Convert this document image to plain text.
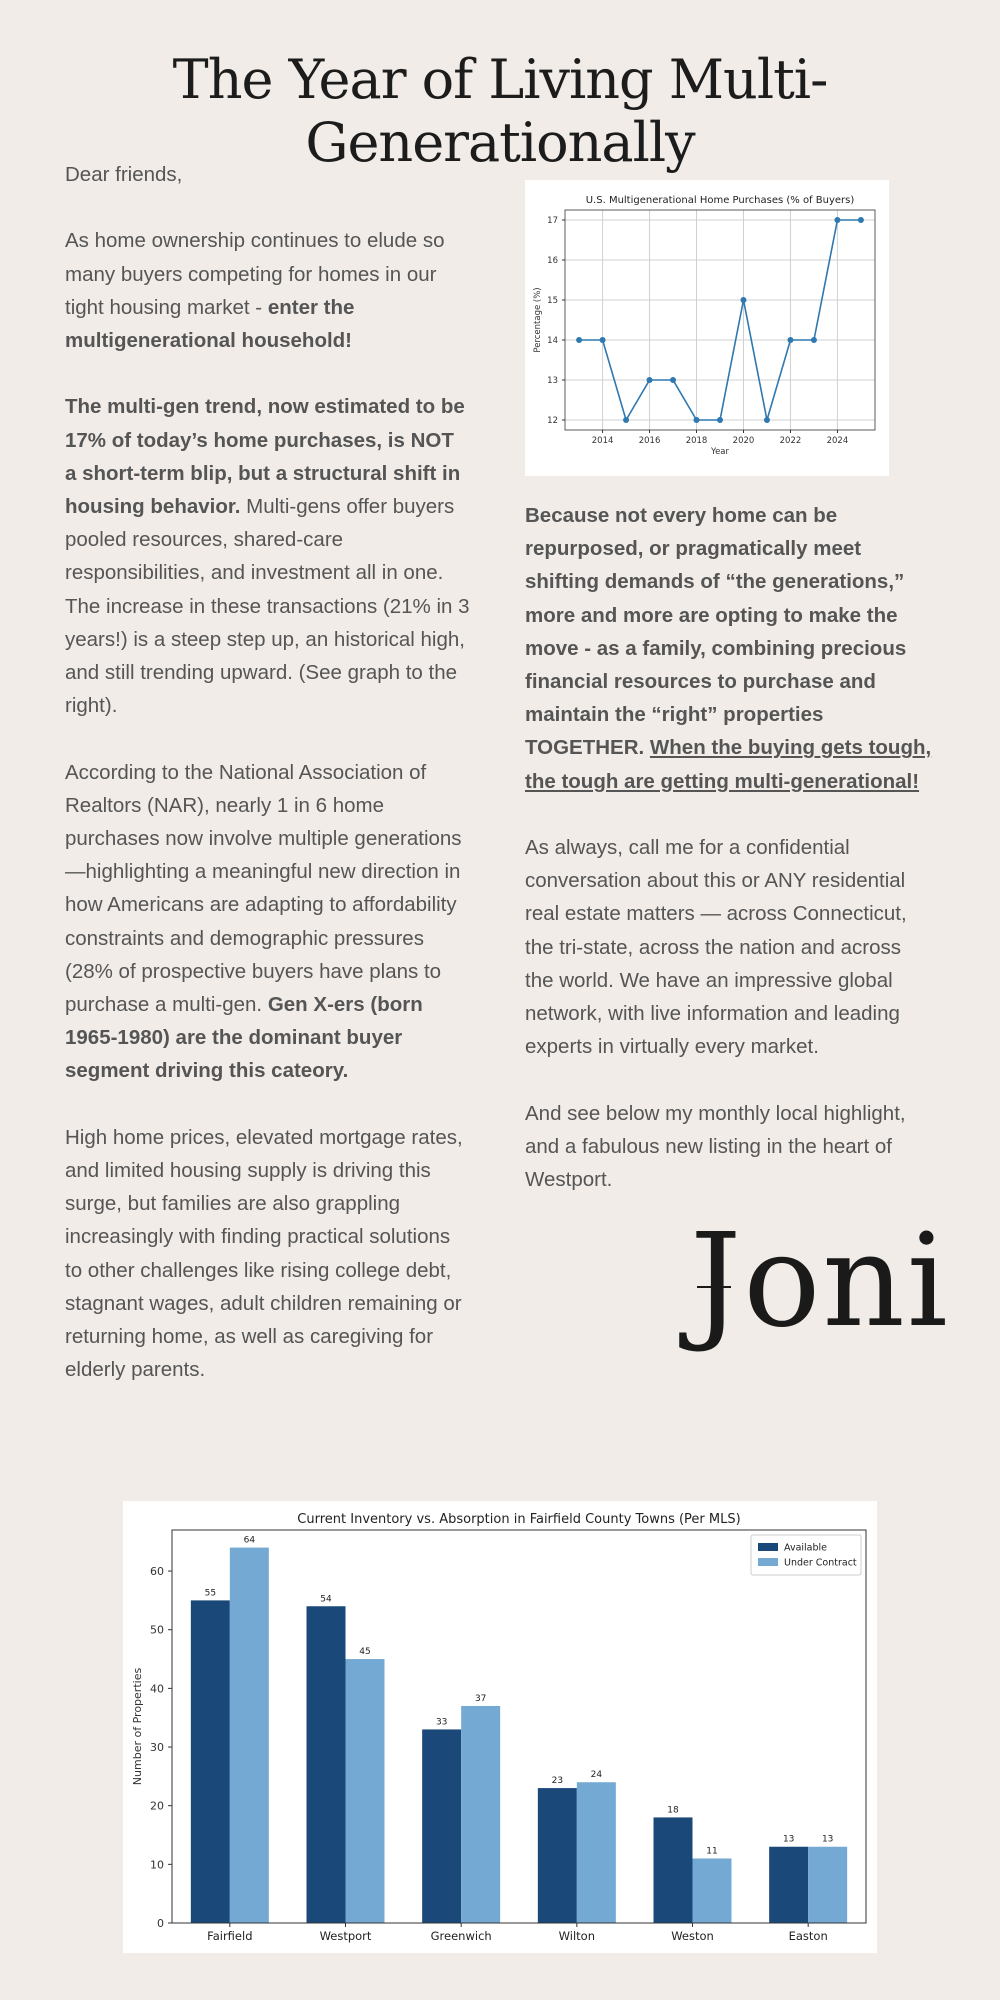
The Year of Living Multi-Generationally

Dear friends,

As home ownership continues to elude so many buyers competing for homes in our tight housing market - enter the multigenerational household!

The multi-gen trend, now estimated to be 17% of today’s home purchases, is NOT a short-term blip, but a structural shift in housing behavior. Multi-gens offer buyers pooled resources, shared-care responsibilities, and investment all in one. The increase in these transactions (21% in 3 years!) is a steep step up, an historical high, and still trending upward. (See graph to the right).

According to the National Association of Realtors (NAR), nearly 1 in 6 home purchases now involve multiple generations—highlighting a meaningful new direction in how Americans are adapting to affordability constraints and demographic pressures (28% of prospective buyers have plans to purchase a multi-gen. Gen X-ers (born 1965-1980) are the dominant buyer segment driving this cateory.

High home prices, elevated mortgage rates, and limited housing supply is driving this surge, but families are also grappling increasingly with finding practical solutions to other challenges like rising college debt, stagnant wages, adult children remaining or returning home, as well as caregiving for elderly parents.

2014	2016	2018	2020	2022	2024
12
13
14
15
16
17
U.S. Multigenerational Home Purchases (% of Buyers)
Year
Percentage (%)

Because not every home can be repurposed, or pragmatically meet shifting demands of “the generations,” more and more are opting to make the move - as a family, combining precious financial resources to purchase and maintain the “right” properties TOGETHER. When the buying gets tough, the tough are getting multi-generational!

As always, call me for a confidential conversation about this or ANY residential real estate matters — across Connecticut, the tri-state, across the nation and across the world. We have an impressive global network, with live information and leading experts in virtually every market.

And see below my monthly local highlight, and a fabulous new listing in the heart of Westport.

Joni
Current Inventory vs. Absorption in Fairfield County Towns (Per MLS)
Number of Properties
0
10
20
30
40
50
60
55
64
Fairfield
54
45
Westport
33
37
Greenwich
23
24
Wilton
18
11
Weston
13	13
Easton
Available
Under Contract
